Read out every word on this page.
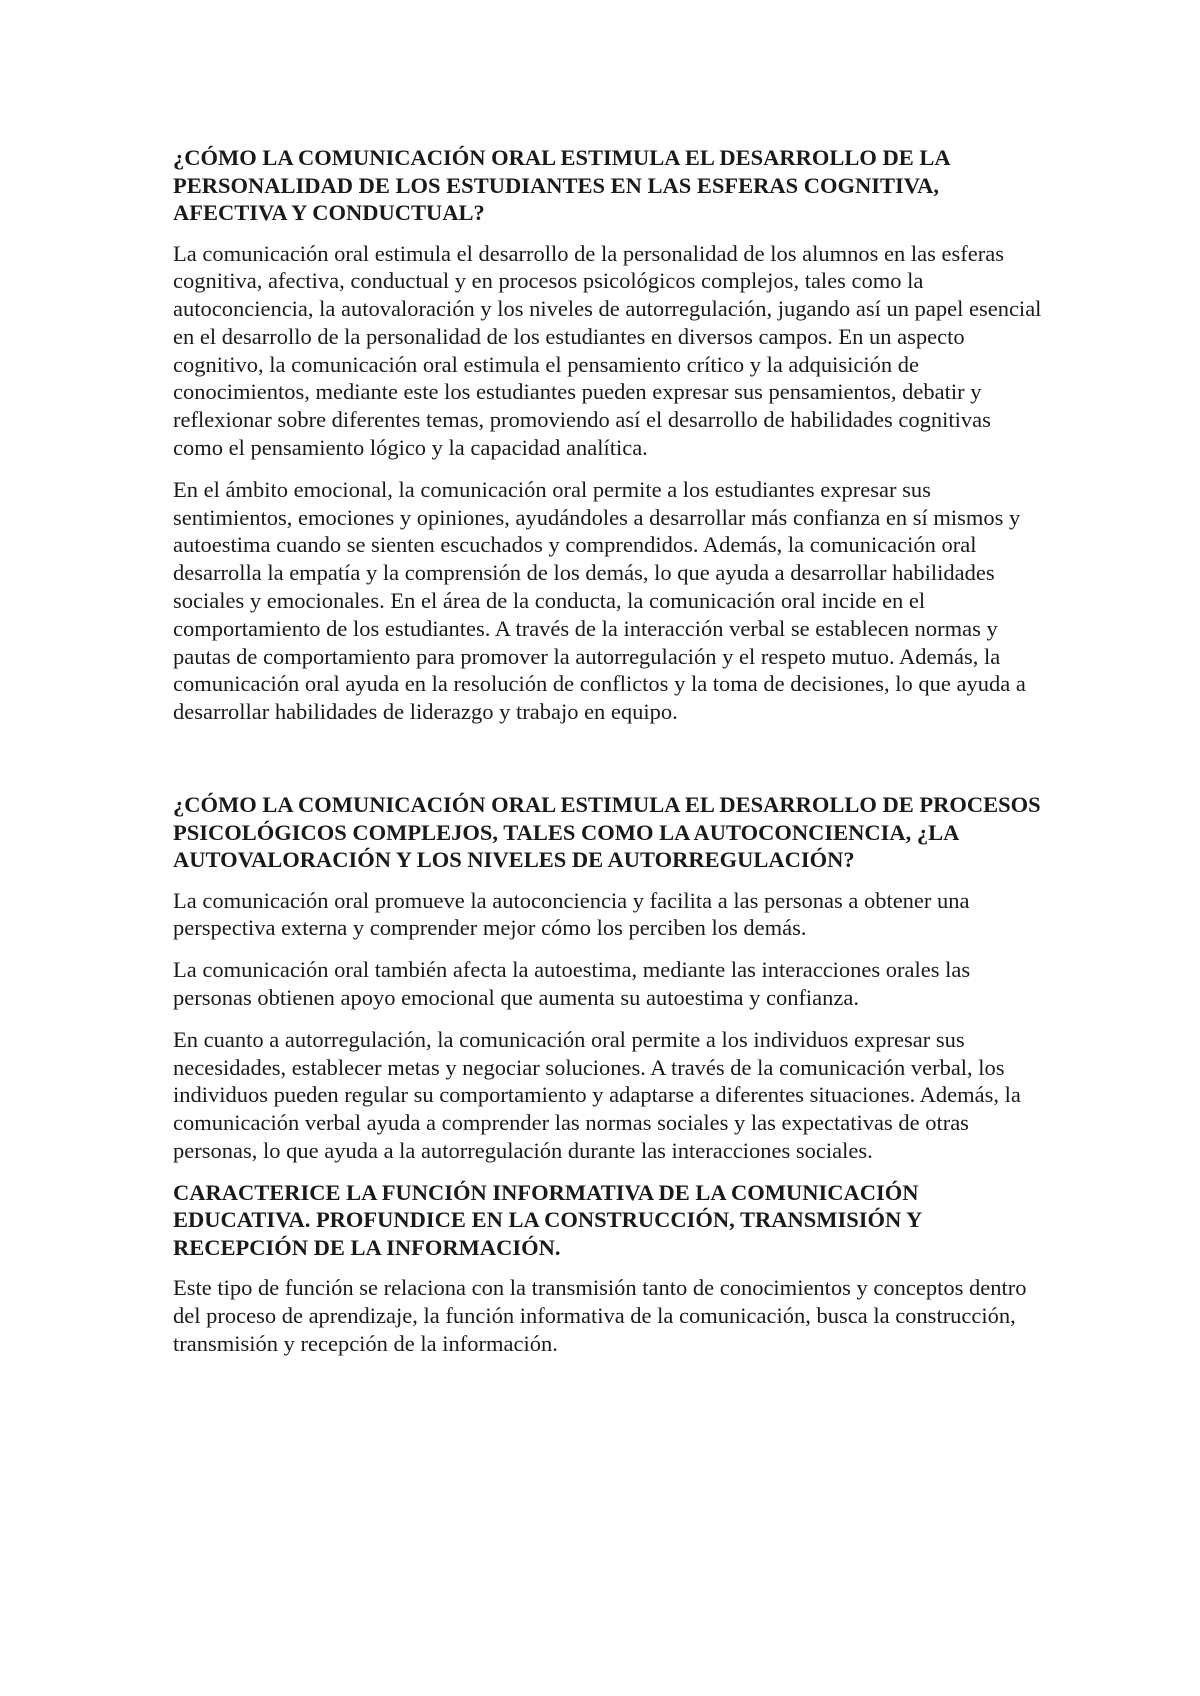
¿CÓMO LA COMUNICACIÓN ORAL ESTIMULA EL DESARROLLO DE LA PERSONALIDAD DE LOS ESTUDIANTES EN LAS ESFERAS COGNITIVA, AFECTIVA Y CONDUCTUAL?

La comunicación oral estimula el desarrollo de la personalidad de los alumnos en las esferas cognitiva, afectiva, conductual y en procesos psicológicos complejos, tales como la autoconciencia, la autovaloración y los niveles de autorregulación, jugando así un papel esencial en el desarrollo de la personalidad de los estudiantes en diversos campos. En un aspecto cognitivo, la comunicación oral estimula el pensamiento crítico y la adquisición de conocimientos, mediante este los estudiantes pueden expresar sus pensamientos, debatir y reflexionar sobre diferentes temas, promoviendo así el desarrollo de habilidades cognitivas como el pensamiento lógico y la capacidad analítica.

En el ámbito emocional, la comunicación oral permite a los estudiantes expresar sus sentimientos, emociones y opiniones, ayudándoles a desarrollar más confianza en sí mismos y autoestima cuando se sienten escuchados y comprendidos. Además, la comunicación oral desarrolla la empatía y la comprensión de los demás, lo que ayuda a desarrollar habilidades sociales y emocionales. En el área de la conducta, la comunicación oral incide en el comportamiento de los estudiantes. A través de la interacción verbal se establecen normas y pautas de comportamiento para promover la autorregulación y el respeto mutuo. Además, la comunicación oral ayuda en la resolución de conflictos y la toma de decisiones, lo que ayuda a desarrollar habilidades de liderazgo y trabajo en equipo.

¿CÓMO LA COMUNICACIÓN ORAL ESTIMULA EL DESARROLLO DE PROCESOS PSICOLÓGICOS COMPLEJOS, TALES COMO LA AUTOCONCIENCIA, ¿LA AUTOVALORACIÓN Y LOS NIVELES DE AUTORREGULACIÓN?

La comunicación oral promueve la autoconciencia y facilita a las personas a obtener una perspectiva externa y comprender mejor cómo los perciben los demás.

La comunicación oral también afecta la autoestima, mediante las interacciones orales las personas obtienen apoyo emocional que aumenta su autoestima y confianza.

En cuanto a autorregulación, la comunicación oral permite a los individuos expresar sus necesidades, establecer metas y negociar soluciones. A través de la comunicación verbal, los individuos pueden regular su comportamiento y adaptarse a diferentes situaciones. Además, la comunicación verbal ayuda a comprender las normas sociales y las expectativas de otras personas, lo que ayuda a la autorregulación durante las interacciones sociales.

CARACTERICE LA FUNCIÓN INFORMATIVA DE LA COMUNICACIÓN EDUCATIVA. PROFUNDICE EN LA CONSTRUCCIÓN, TRANSMISIÓN Y RECEPCIÓN DE LA INFORMACIÓN.

Este tipo de función se relaciona con la transmisión tanto de conocimientos y conceptos dentro del proceso de aprendizaje, la función informativa de la comunicación, busca la construcción, transmisión y recepción de la información.
